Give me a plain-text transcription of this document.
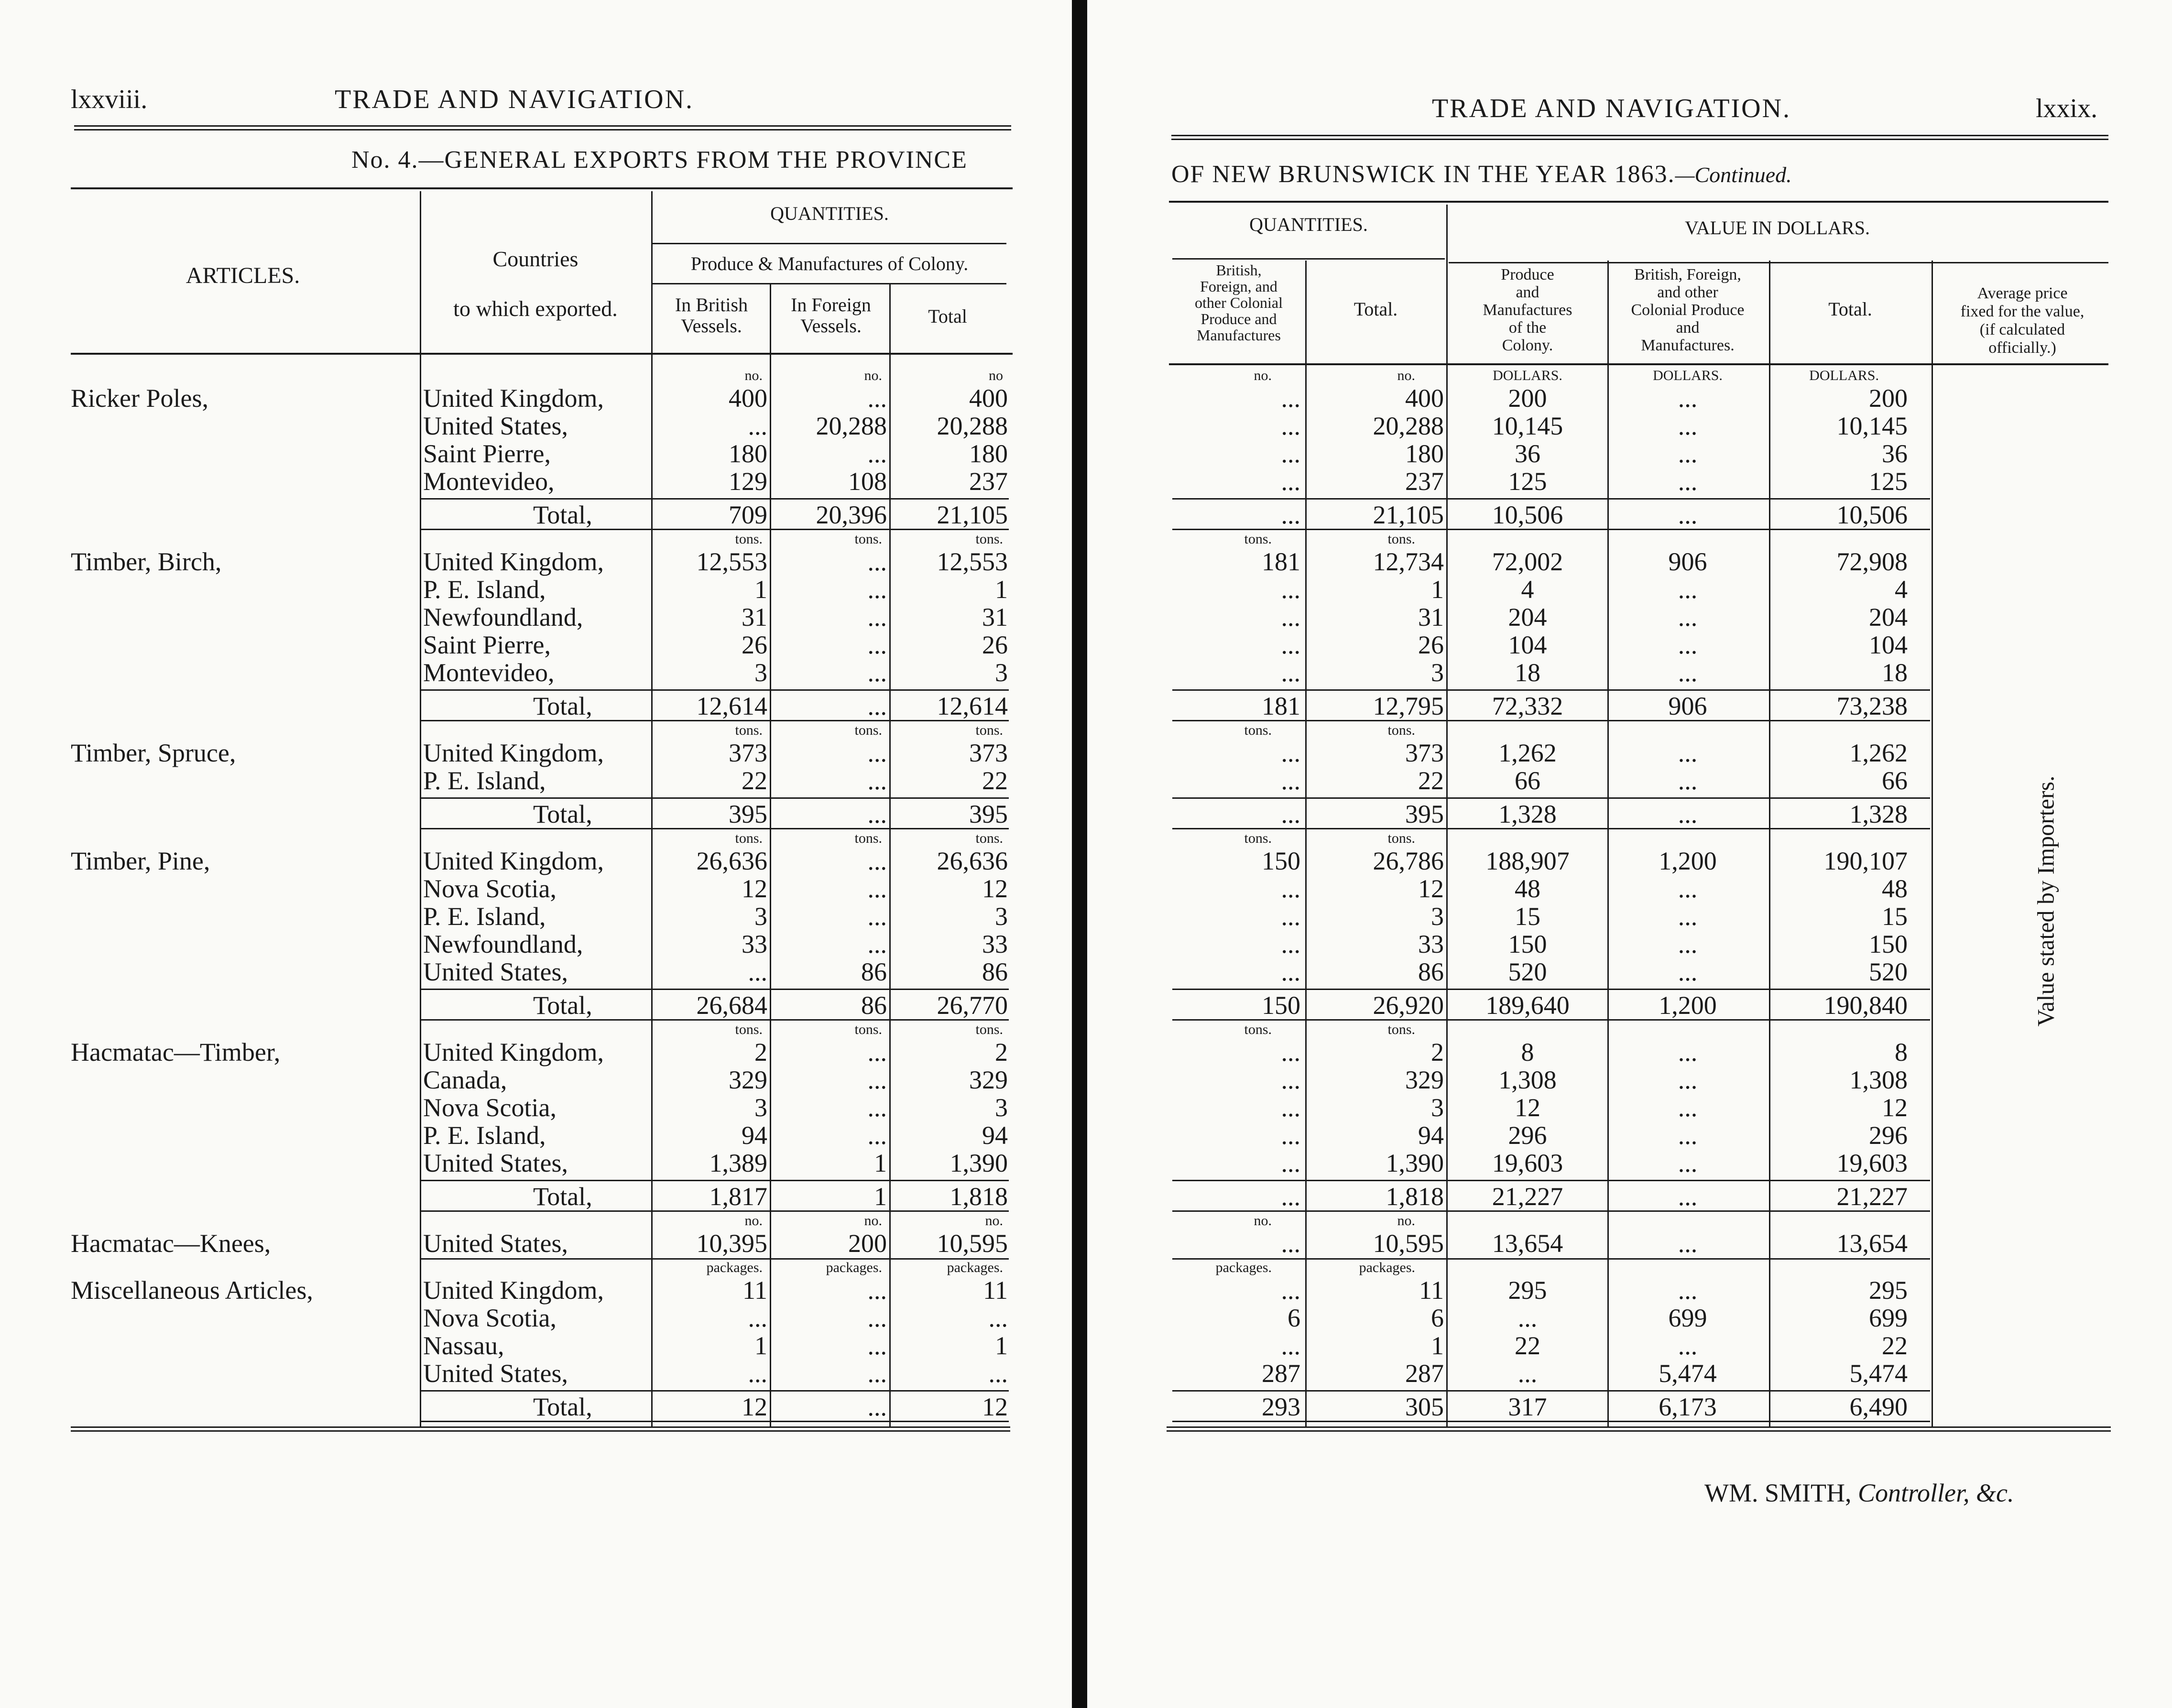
lxxviii.	TRADE AND NAVIGATION.
No. 4.—GENERAL EXPORTS FROM THE PROVINCE
TRADE AND NAVIGATION.	lxxix.
OF NEW BRUNSWICK IN THE YEAR 1863.—Continued.
ARTICLES.
Countries
to which exported.
QUANTITIES.
Produce & Manufactures of Colony.
In British
Vessels.
In Foreign
Vessels.	Total
QUANTITIES.	VALUE IN DOLLARS.
British,
Foreign, and
other Colonial
Produce and
Manufactures
Total.
Produce
and
Manufactures
of the
Colony.
British, Foreign,
and other
Colonial Produce
and
Manufactures.
Total.
Average price
fixed for the value,
(if calculated
officially.)
no.	no.	no
Ricker Poles,	United Kingdom,	400	...	400
United States,	...	20,288	20,288
Saint Pierre,	180	...	180
Montevideo,	129	108	237
Total,	709	20,396	21,105
tons.	tons.	tons.
Timber, Birch,	United Kingdom,	12,553	...	12,553
P. E. Island,	1	...	1
Newfoundland,	31	...	31
Saint Pierre,	26	...	26
Montevideo,	3	...	3
Total,	12,614	...	12,614
tons.	tons.	tons.
Timber, Spruce,	United Kingdom,	373	...	373
P. E. Island,	22	...	22
Total,	395	...	395
tons.	tons.	tons.
Timber, Pine,	United Kingdom,	26,636	...	26,636
Nova Scotia,	12	...	12
P. E. Island,	3	...	3
Newfoundland,	33	...	33
United States,	...	86	86
Total,	26,684	86	26,770
tons.	tons.	tons.
Hacmatac—Timber,	United Kingdom,	2	...	2
Canada,	329	...	329
Nova Scotia,	3	...	3
P. E. Island,	94	...	94
United States,	1,389	1	1,390
Total,	1,817	1	1,818
no.	no.	no.
Hacmatac—Knees,	United States,	10,395	200	10,595
packages.	packages.	packages.
Miscellaneous Articles,	United Kingdom,	11	...	11
Nova Scotia,	...	...	...
Nassau,	1	...	1
United States,	...	...	...
Total,	12	...	12
no.	no.	DOLLARS.	DOLLARS.	DOLLARS.
...	400	200	...	200
...	20,288	10,145	...	10,145
...	180	36	...	36
...	237	125	...	125
...	21,105	10,506	...	10,506
tons.	tons.
181	12,734	72,002	906	72,908
...	1	4	...	4
...	31	204	...	204
...	26	104	...	104
...	3	18	...	18
181	12,795	72,332	906	73,238
tons.	tons.
...	373	1,262	...	1,262
...	22	66	...	66
...	395	1,328	...	1,328
tons.	tons.
150	26,786	188,907	1,200	190,107
...	12	48	...	48
...	3	15	...	15
...	33	150	...	150
...	86	520	...	520
150	26,920	189,640	1,200	190,840
tons.	tons.
...	2	8	...	8
...	329	1,308	...	1,308
...	3	12	...	12
...	94	296	...	296
...	1,390	19,603	...	19,603
...	1,818	21,227	...	21,227
no.	no.
...	10,595	13,654	...	13,654
packages.	packages.
...	11	295	...	295
6	6	...	699	699
...	1	22	...	22
287	287	...	5,474	5,474
293	305	317	6,173	6,490
Value stated by Importers.
WM. SMITH, Controller, &c.
